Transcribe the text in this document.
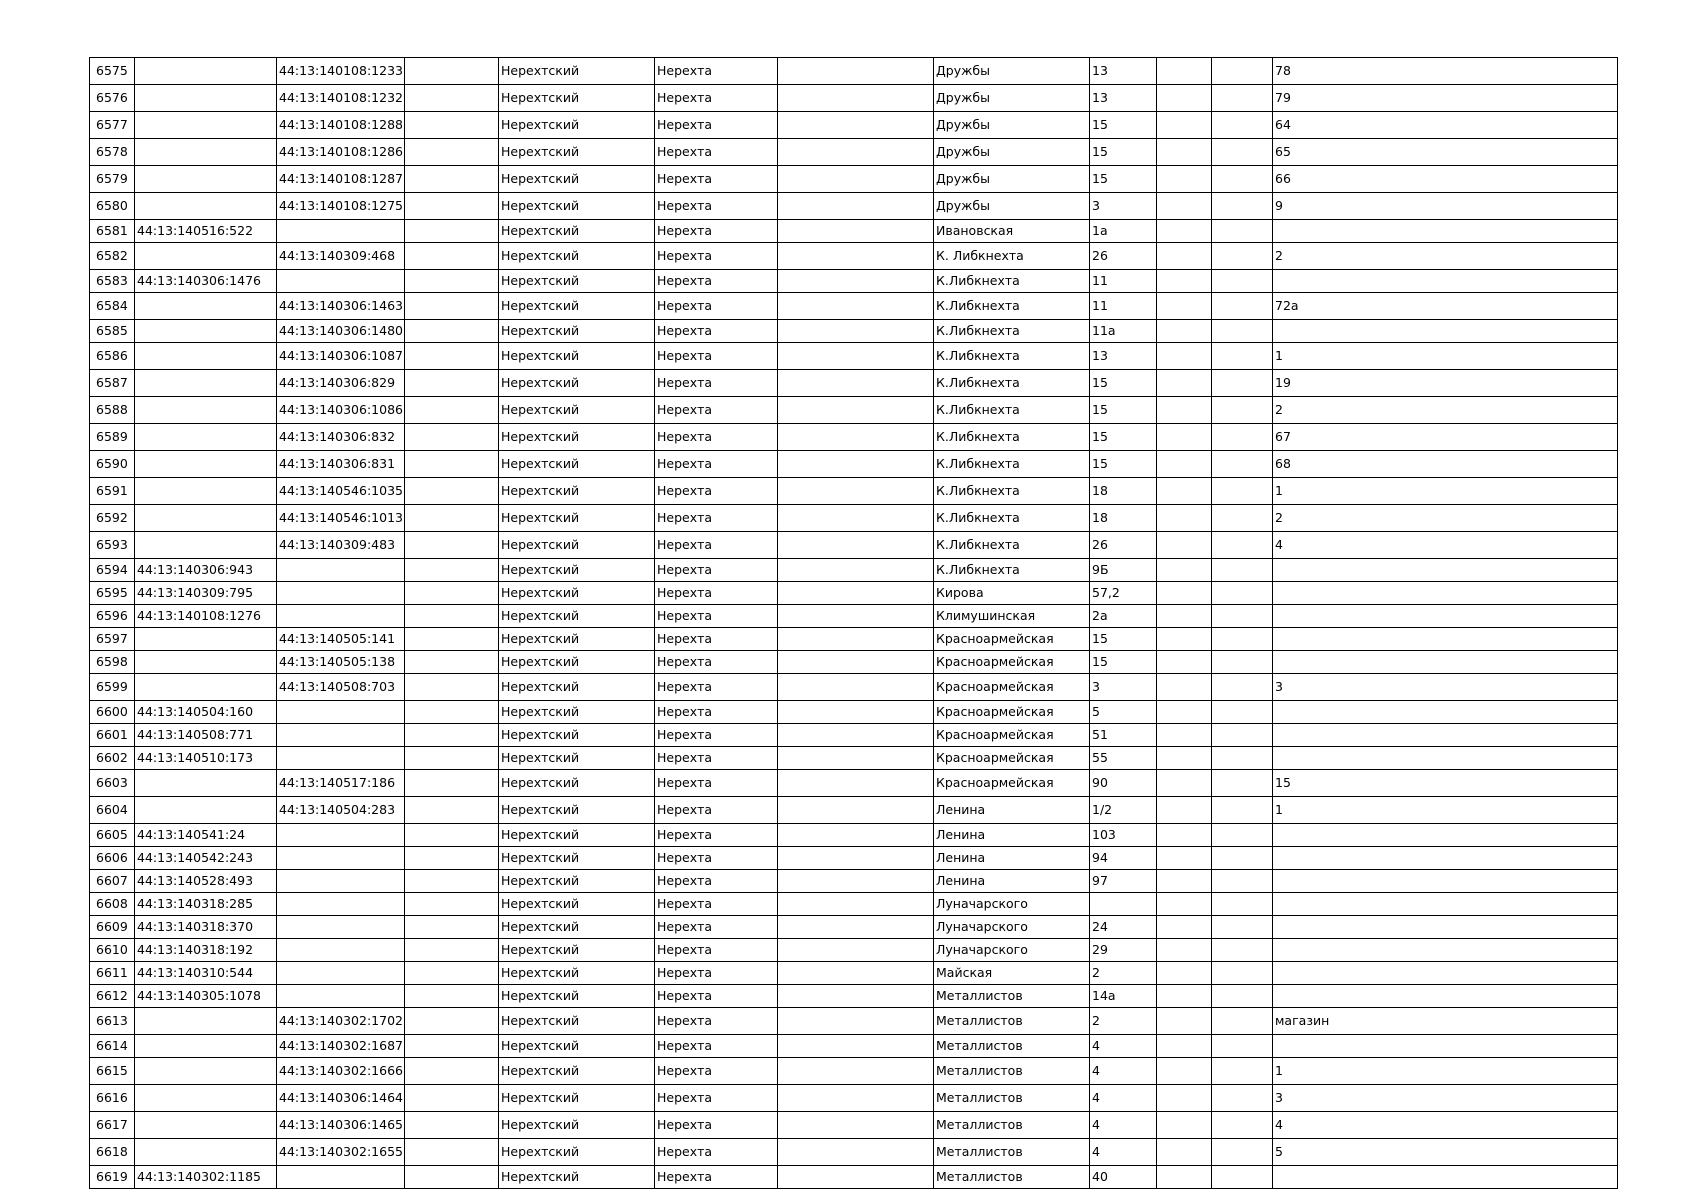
6575		44:13:140108:1233		Нерехтский	Нерехта		Дружбы	13			78
6576		44:13:140108:1232		Нерехтский	Нерехта		Дружбы	13			79
6577		44:13:140108:1288		Нерехтский	Нерехта		Дружбы	15			64
6578		44:13:140108:1286		Нерехтский	Нерехта		Дружбы	15			65
6579		44:13:140108:1287		Нерехтский	Нерехта		Дружбы	15			66
6580		44:13:140108:1275		Нерехтский	Нерехта		Дружбы	3			9
6581	44:13:140516:522			Нерехтский	Нерехта		Ивановская	1а			
6582		44:13:140309:468		Нерехтский	Нерехта		К. Либкнехта	26			2
6583	44:13:140306:1476			Нерехтский	Нерехта		К.Либкнехта	11			
6584		44:13:140306:1463		Нерехтский	Нерехта		К.Либкнехта	11			72а
6585		44:13:140306:1480		Нерехтский	Нерехта		К.Либкнехта	11а			
6586		44:13:140306:1087		Нерехтский	Нерехта		К.Либкнехта	13			1
6587		44:13:140306:829		Нерехтский	Нерехта		К.Либкнехта	15			19
6588		44:13:140306:1086		Нерехтский	Нерехта		К.Либкнехта	15			2
6589		44:13:140306:832		Нерехтский	Нерехта		К.Либкнехта	15			67
6590		44:13:140306:831		Нерехтский	Нерехта		К.Либкнехта	15			68
6591		44:13:140546:1035		Нерехтский	Нерехта		К.Либкнехта	18			1
6592		44:13:140546:1013		Нерехтский	Нерехта		К.Либкнехта	18			2
6593		44:13:140309:483		Нерехтский	Нерехта		К.Либкнехта	26			4
6594	44:13:140306:943			Нерехтский	Нерехта		К.Либкнехта	9Б			
6595	44:13:140309:795			Нерехтский	Нерехта		Кирова	57,2			
6596	44:13:140108:1276			Нерехтский	Нерехта		Климушинская	2а			
6597		44:13:140505:141		Нерехтский	Нерехта		Красноармейская	15			
6598		44:13:140505:138		Нерехтский	Нерехта		Красноармейская	15			
6599		44:13:140508:703		Нерехтский	Нерехта		Красноармейская	3			3
6600	44:13:140504:160			Нерехтский	Нерехта		Красноармейская	5			
6601	44:13:140508:771			Нерехтский	Нерехта		Красноармейская	51			
6602	44:13:140510:173			Нерехтский	Нерехта		Красноармейская	55			
6603		44:13:140517:186		Нерехтский	Нерехта		Красноармейская	90			15
6604		44:13:140504:283		Нерехтский	Нерехта		Ленина	1/2			1
6605	44:13:140541:24			Нерехтский	Нерехта		Ленина	103			
6606	44:13:140542:243			Нерехтский	Нерехта		Ленина	94			
6607	44:13:140528:493			Нерехтский	Нерехта		Ленина	97			
6608	44:13:140318:285			Нерехтский	Нерехта		Луначарского				
6609	44:13:140318:370			Нерехтский	Нерехта		Луначарского	24			
6610	44:13:140318:192			Нерехтский	Нерехта		Луначарского	29			
6611	44:13:140310:544			Нерехтский	Нерехта		Майская	2			
6612	44:13:140305:1078			Нерехтский	Нерехта		Металлистов	14а			
6613		44:13:140302:1702		Нерехтский	Нерехта		Металлистов	2			магазин
6614		44:13:140302:1687		Нерехтский	Нерехта		Металлистов	4			
6615		44:13:140302:1666		Нерехтский	Нерехта		Металлистов	4			1
6616		44:13:140306:1464		Нерехтский	Нерехта		Металлистов	4			3
6617		44:13:140306:1465		Нерехтский	Нерехта		Металлистов	4			4
6618		44:13:140302:1655		Нерехтский	Нерехта		Металлистов	4			5
6619	44:13:140302:1185			Нерехтский	Нерехта		Металлистов	40			
